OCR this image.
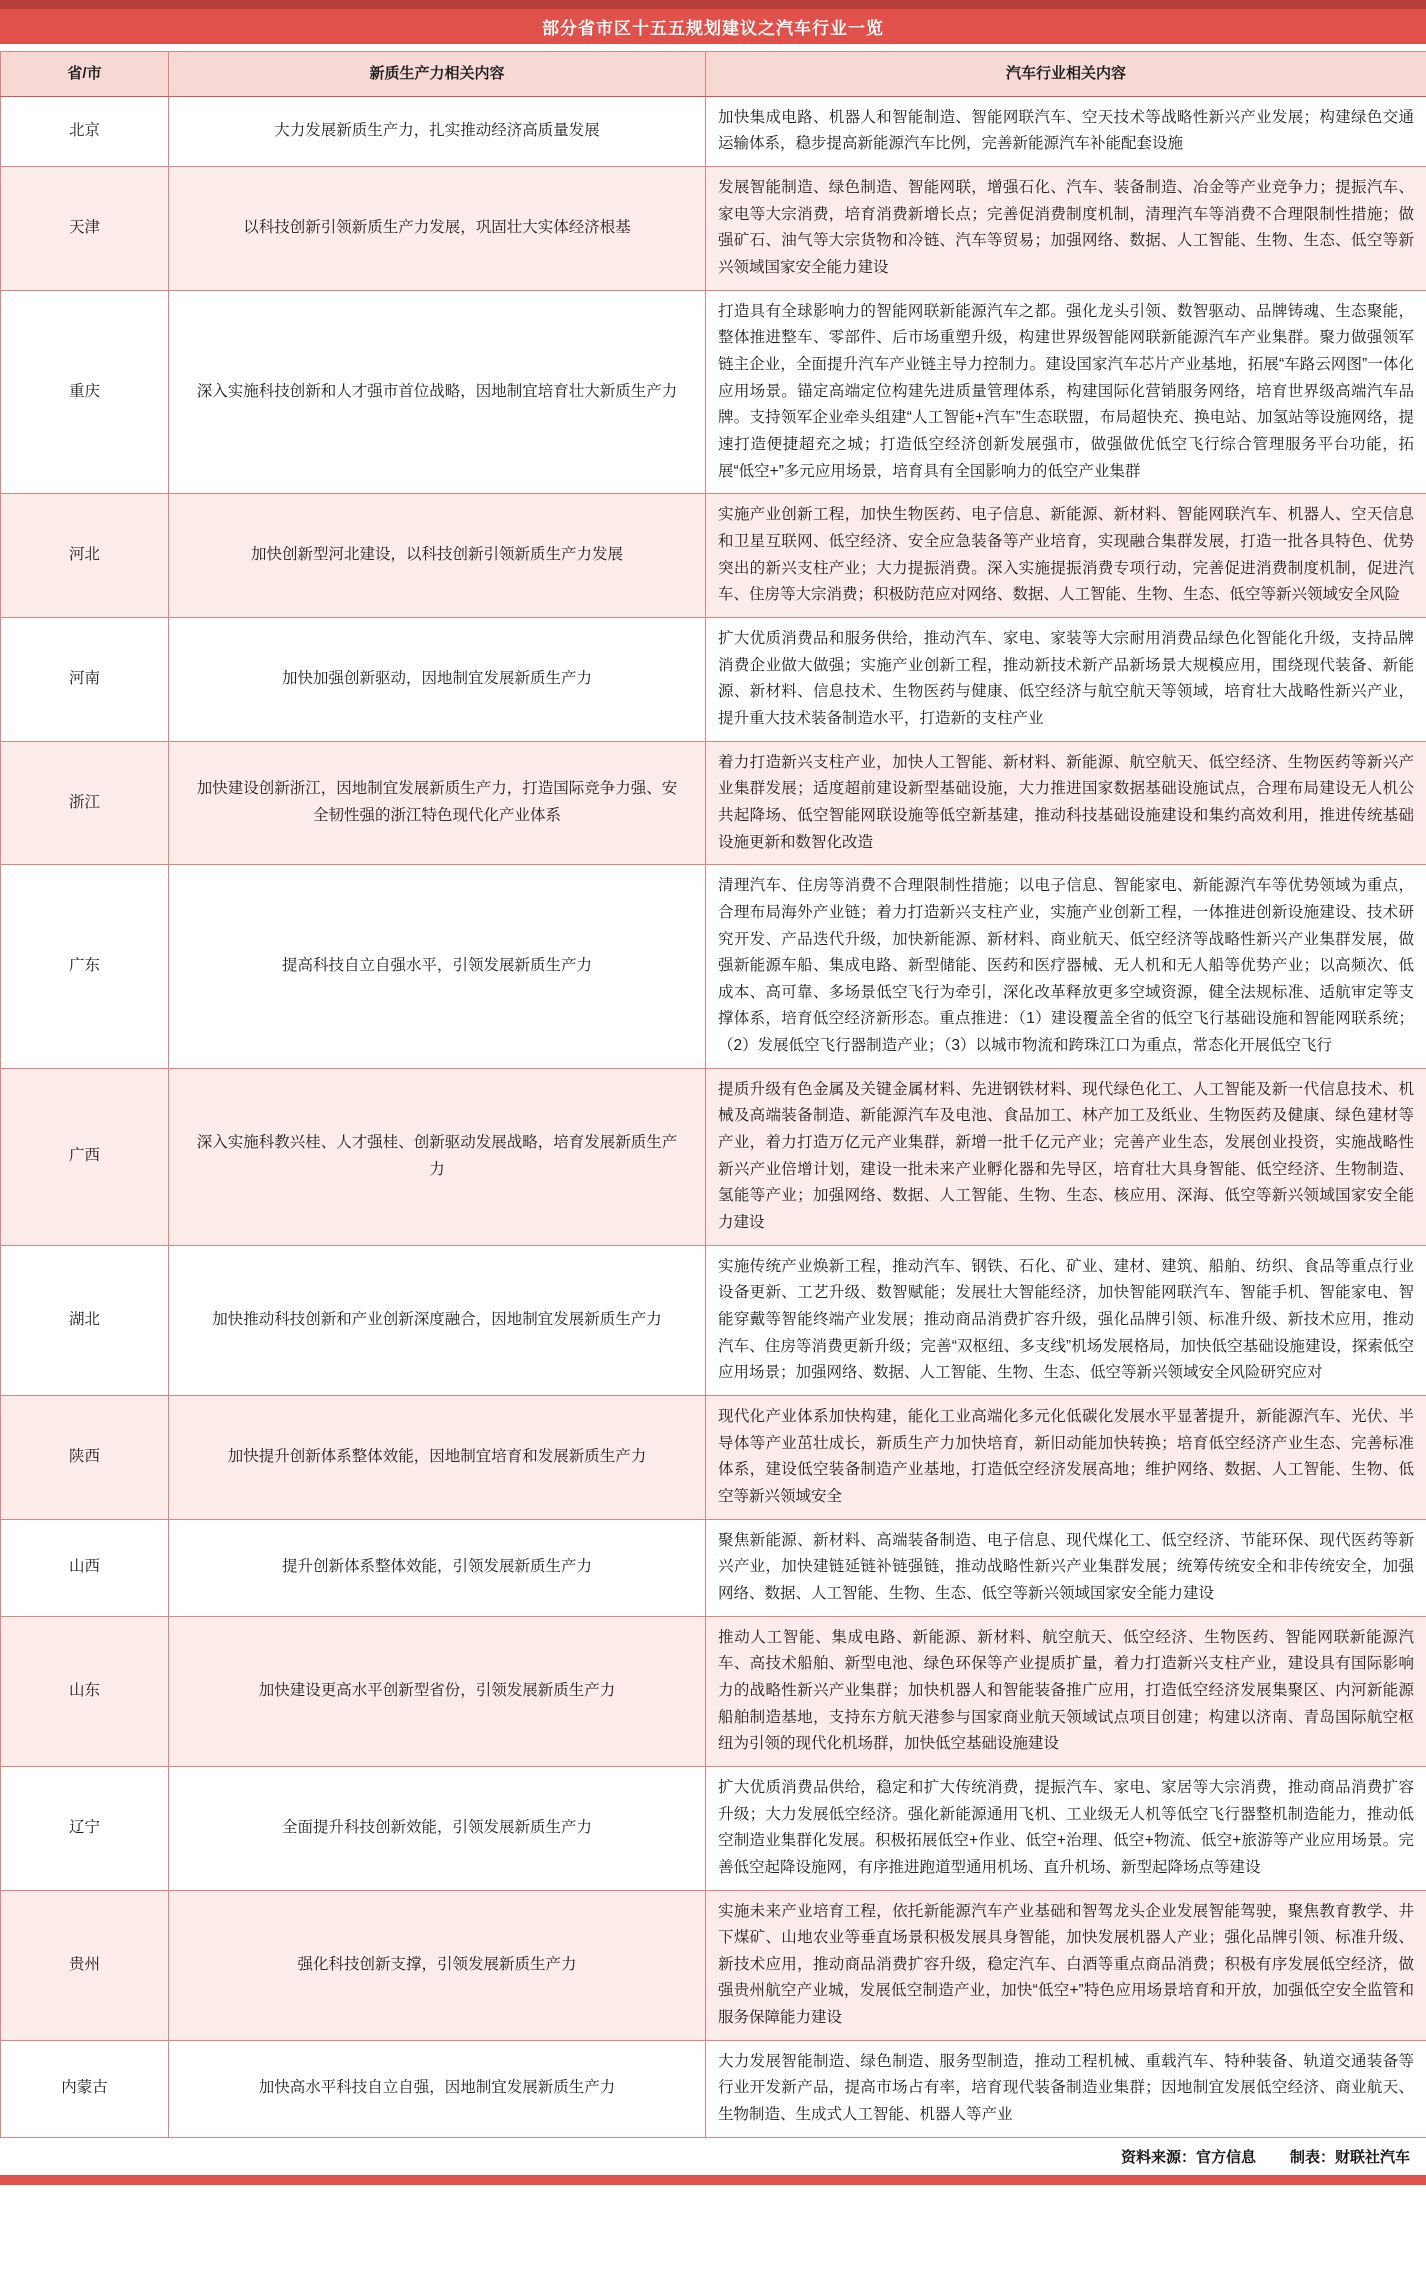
部分省市区十五五规划建议之汽车行业一览
省/市	新质生产力相关内容	汽车行业相关内容
北京	大力发展新质生产力，扎实推动经济高质量发展	加快集成电路、机器人和智能制造、智能网联汽车、空天技术等战略性新兴产业发展；构建绿色交通运输体系，稳步提高新能源汽车比例，完善新能源汽车补能配套设施
天津	以科技创新引领新质生产力发展，巩固壮大实体经济根基	发展智能制造、绿色制造、智能网联，增强石化、汽车、装备制造、冶金等产业竞争力；提振汽车、家电等大宗消费，培育消费新增长点；完善促消费制度机制，清理汽车等消费不合理限制性措施；做强矿石、油气等大宗货物和冷链、汽车等贸易；加强网络、数据、人工智能、生物、生态、低空等新兴领域国家安全能力建设
重庆	深入实施科技创新和人才强市首位战略，因地制宜培育壮大新质生产力	打造具有全球影响力的智能网联新能源汽车之都。强化龙头引领、数智驱动、品牌铸魂、生态聚能，整体推进整车、零部件、后市场重塑升级，构建世界级智能网联新能源汽车产业集群。聚力做强领军链主企业，全面提升汽车产业链主导力控制力。建设国家汽车芯片产业基地，拓展“车路云网图”一体化应用场景。锚定高端定位构建先进质量管理体系，构建国际化营销服务网络，培育世界级高端汽车品牌。支持领军企业牵头组建“人工智能+汽车”生态联盟，布局超快充、换电站、加氢站等设施网络，提速打造便捷超充之城；打造低空经济创新发展强市，做强做优低空飞行综合管理服务平台功能，拓展“低空+”多元应用场景，培育具有全国影响力的低空产业集群
河北	加快创新型河北建设，以科技创新引领新质生产力发展	实施产业创新工程，加快生物医药、电子信息、新能源、新材料、智能网联汽车、机器人、空天信息和卫星互联网、低空经济、安全应急装备等产业培育，实现融合集群发展，打造一批各具特色、优势突出的新兴支柱产业；大力提振消费。深入实施提振消费专项行动，完善促进消费制度机制，促进汽车、住房等大宗消费；积极防范应对网络、数据、人工智能、生物、生态、低空等新兴领域安全风险
河南	加快加强创新驱动，因地制宜发展新质生产力	扩大优质消费品和服务供给，推动汽车、家电、家装等大宗耐用消费品绿色化智能化升级，支持品牌消费企业做大做强；实施产业创新工程，推动新技术新产品新场景大规模应用，围绕现代装备、新能源、新材料、信息技术、生物医药与健康、低空经济与航空航天等领域，培育壮大战略性新兴产业，提升重大技术装备制造水平，打造新的支柱产业
浙江	加快建设创新浙江，因地制宜发展新质生产力，打造国际竞争力强、安全韧性强的浙江特色现代化产业体系	着力打造新兴支柱产业，加快人工智能、新材料、新能源、航空航天、低空经济、生物医药等新兴产业集群发展；适度超前建设新型基础设施，大力推进国家数据基础设施试点，合理布局建设无人机公共起降场、低空智能网联设施等低空新基建，推动科技基础设施建设和集约高效利用，推进传统基础设施更新和数智化改造
广东	提高科技自立自强水平，引领发展新质生产力	清理汽车、住房等消费不合理限制性措施；以电子信息、智能家电、新能源汽车等优势领域为重点，合理布局海外产业链；着力打造新兴支柱产业，实施产业创新工程，一体推进创新设施建设、技术研究开发、产品迭代升级，加快新能源、新材料、商业航天、低空经济等战略性新兴产业集群发展，做强新能源车船、集成电路、新型储能、医药和医疗器械、无人机和无人船等优势产业；以高频次、低成本、高可靠、多场景低空飞行为牵引，深化改革释放更多空域资源，健全法规标准、适航审定等支撑体系，培育低空经济新形态。重点推进：（1）建设覆盖全省的低空飞行基础设施和智能网联系统；（2）发展低空飞行器制造产业；（3）以城市物流和跨珠江口为重点，常态化开展低空飞行
广西	深入实施科教兴桂、人才强桂、创新驱动发展战略，培育发展新质生产力	提质升级有色金属及关键金属材料、先进钢铁材料、现代绿色化工、人工智能及新一代信息技术、机械及高端装备制造、新能源汽车及电池、食品加工、林产加工及纸业、生物医药及健康、绿色建材等产业，着力打造万亿元产业集群，新增一批千亿元产业；完善产业生态，发展创业投资，实施战略性新兴产业倍增计划，建设一批未来产业孵化器和先导区，培育壮大具身智能、低空经济、生物制造、氢能等产业；加强网络、数据、人工智能、生物、生态、核应用、深海、低空等新兴领域国家安全能力建设
湖北	加快推动科技创新和产业创新深度融合，因地制宜发展新质生产力	实施传统产业焕新工程，推动汽车、钢铁、石化、矿业、建材、建筑、船舶、纺织、食品等重点行业设备更新、工艺升级、数智赋能；发展壮大智能经济，加快智能网联汽车、智能手机、智能家电、智能穿戴等智能终端产业发展；推动商品消费扩容升级，强化品牌引领、标准升级、新技术应用，推动汽车、住房等消费更新升级；完善“双枢纽、多支线”机场发展格局，加快低空基础设施建设，探索低空应用场景；加强网络、数据、人工智能、生物、生态、低空等新兴领域安全风险研究应对
陕西	加快提升创新体系整体效能，因地制宜培育和发展新质生产力	现代化产业体系加快构建，能化工业高端化多元化低碳化发展水平显著提升，新能源汽车、光伏、半导体等产业茁壮成长，新质生产力加快培育，新旧动能加快转换；培育低空经济产业生态、完善标准体系，建设低空装备制造产业基地，打造低空经济发展高地；维护网络、数据、人工智能、生物、低空等新兴领域安全
山西	提升创新体系整体效能，引领发展新质生产力	聚焦新能源、新材料、高端装备制造、电子信息、现代煤化工、低空经济、节能环保、现代医药等新兴产业，加快建链延链补链强链，推动战略性新兴产业集群发展；统筹传统安全和非传统安全，加强网络、数据、人工智能、生物、生态、低空等新兴领域国家安全能力建设
山东	加快建设更高水平创新型省份，引领发展新质生产力	推动人工智能、集成电路、新能源、新材料、航空航天、低空经济、生物医药、智能网联新能源汽车、高技术船舶、新型电池、绿色环保等产业提质扩量，着力打造新兴支柱产业，建设具有国际影响力的战略性新兴产业集群；加快机器人和智能装备推广应用，打造低空经济发展集聚区、内河新能源船舶制造基地，支持东方航天港参与国家商业航天领域试点项目创建；构建以济南、青岛国际航空枢纽为引领的现代化机场群，加快低空基础设施建设
辽宁	全面提升科技创新效能，引领发展新质生产力	扩大优质消费品供给，稳定和扩大传统消费，提振汽车、家电、家居等大宗消费，推动商品消费扩容升级；大力发展低空经济。强化新能源通用飞机、工业级无人机等低空飞行器整机制造能力，推动低空制造业集群化发展。积极拓展低空+作业、低空+治理、低空+物流、低空+旅游等产业应用场景。完善低空起降设施网，有序推进跑道型通用机场、直升机场、新型起降场点等建设
贵州	强化科技创新支撑，引领发展新质生产力	实施未来产业培育工程，依托新能源汽车产业基础和智驾龙头企业发展智能驾驶，聚焦教育教学、井下煤矿、山地农业等垂直场景积极发展具身智能，加快发展机器人产业；强化品牌引领、标准升级、新技术应用，推动商品消费扩容升级，稳定汽车、白酒等重点商品消费；积极有序发展低空经济，做强贵州航空产业城，发展低空制造产业，加快“低空+”特色应用场景培育和开放，加强低空安全监管和服务保障能力建设
内蒙古	加快高水平科技自立自强，因地制宜发展新质生产力	大力发展智能制造、绿色制造、服务型制造，推动工程机械、重载汽车、特种装备、轨道交通装备等行业开发新产品，提高市场占有率，培育现代装备制造业集群；因地制宜发展低空经济、商业航天、生物制造、生成式人工智能、机器人等产业
资料来源：官方信息 制表：财联社汽车
